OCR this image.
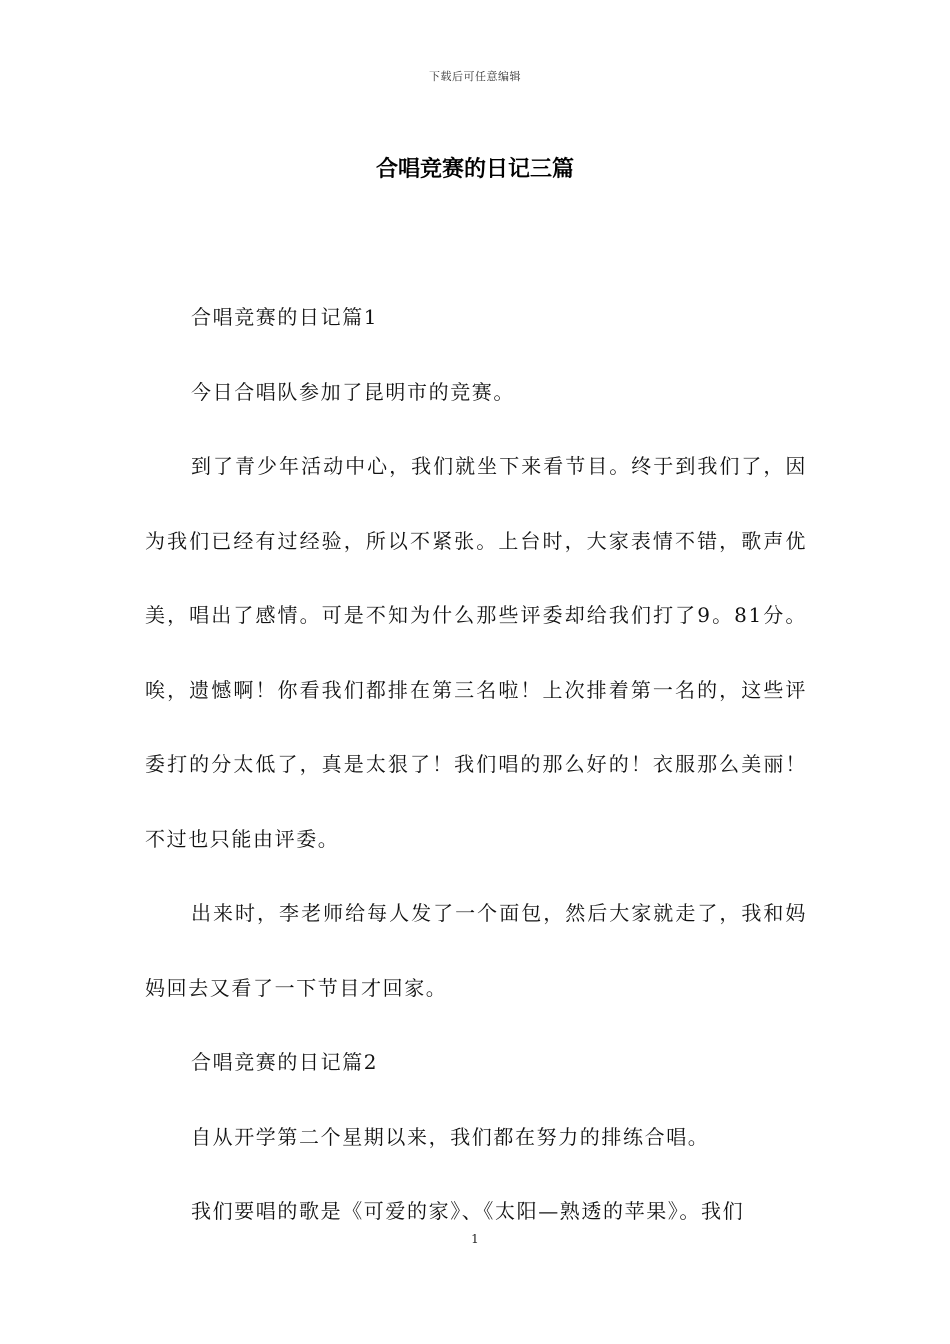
下载后可任意编辑
合唱竞赛的日记三篇

合唱竞赛的日记篇1

今日合唱队参加了昆明市的竞赛。

到了青少年活动中心，我们就坐下来看节目。终于到我们了，因为我们已经有过经验，所以不紧张。上台时，大家表情不错，歌声优美，唱出了感情。可是不知为什么那些评委却给我们打了9。81分。唉，遗憾啊！你看我们都排在第三名啦！上次排着第一名的，这些评委打的分太低了，真是太狠了！我们唱的那么好的！衣服那么美丽！不过也只能由评委。

出来时，李老师给每人发了一个面包，然后大家就走了，我和妈妈回去又看了一下节目才回家。

合唱竞赛的日记篇2

自从开学第二个星期以来，我们都在努力的排练合唱。

我们要唱的歌是《可爱的家》、《太阳—熟透的苹果》。我们

1
